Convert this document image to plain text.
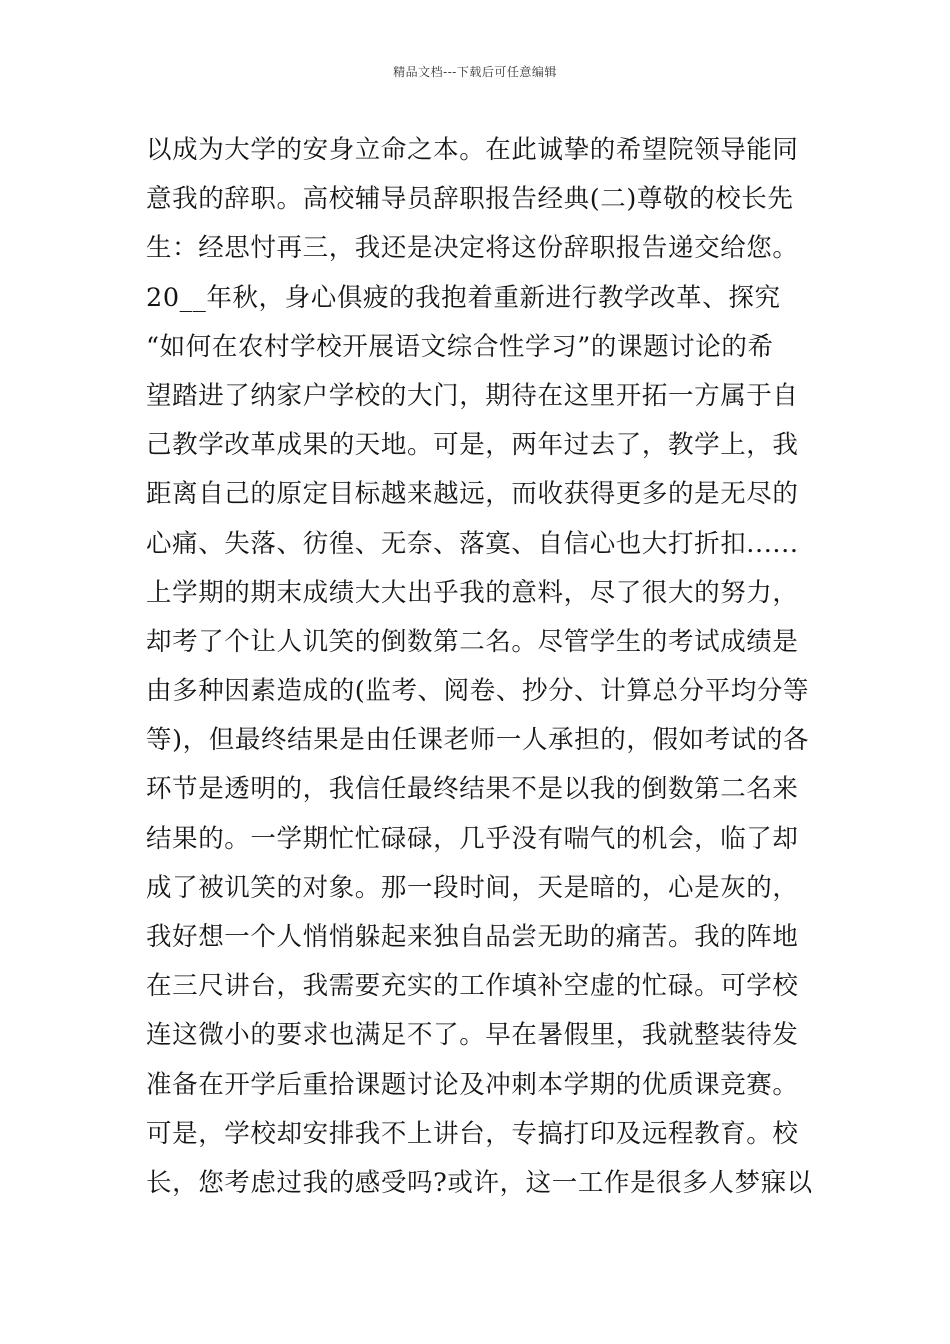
精品文档---下载后可任意编辑
以成为大学的安身立命之本。在此诚挚的希望院领导能同
意我的辞职。高校辅导员辞职报告经典(二)尊敬的校长先
生：经思忖再三，我还是决定将这份辞职报告递交给您。
20__年秋，身心俱疲的我抱着重新进行教学改革、探究
“如何在农村学校开展语文综合性学习”的课题讨论的希
望踏进了纳家户学校的大门，期待在这里开拓一方属于自
己教学改革成果的天地。可是，两年过去了，教学上，我
距离自己的原定目标越来越远，而收获得更多的是无尽的
心痛、失落、彷徨、无奈、落寞、自信心也大打折扣......
上学期的期末成绩大大出乎我的意料，尽了很大的努力，
却考了个让人讥笑的倒数第二名。尽管学生的考试成绩是
由多种因素造成的(监考、阅卷、抄分、计算总分平均分等
等)，但最终结果是由任课老师一人承担的，假如考试的各
环节是透明的，我信任最终结果不是以我的倒数第二名来
结果的。一学期忙忙碌碌，几乎没有喘气的机会，临了却
成了被讥笑的对象。那一段时间，天是暗的，心是灰的，
我好想一个人悄悄躲起来独自品尝无助的痛苦。我的阵地
在三尺讲台，我需要充实的工作填补空虚的忙碌。可学校
连这微小的要求也满足不了。早在暑假里，我就整装待发
准备在开学后重拾课题讨论及冲刺本学期的优质课竞赛。
可是，学校却安排我不上讲台，专搞打印及远程教育。校
长，您考虑过我的感受吗?或许，这一工作是很多人梦寐以
